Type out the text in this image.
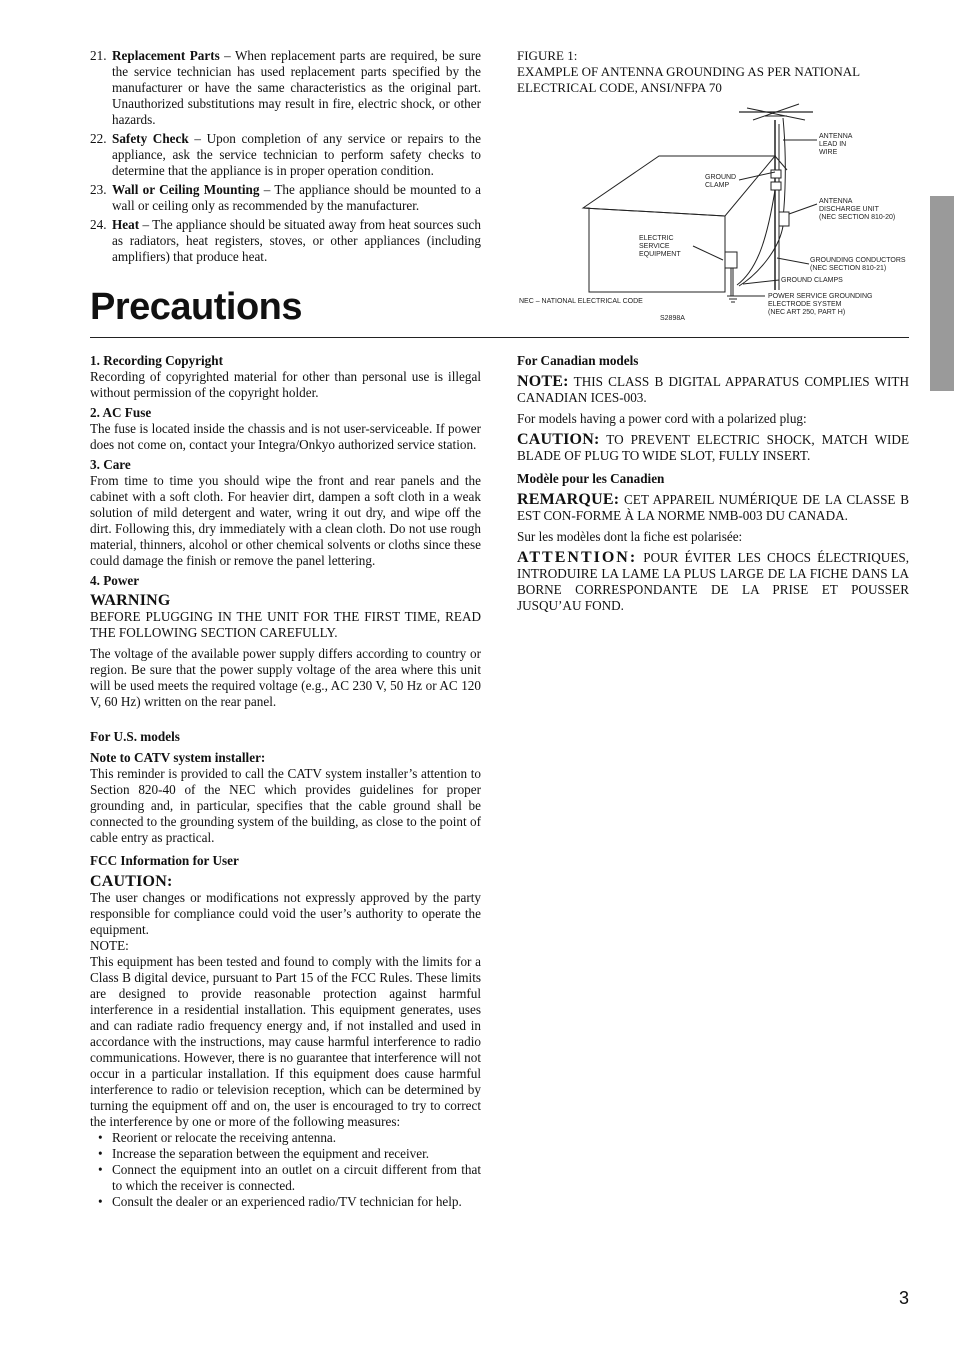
21. Replacement Parts – When replacement parts are required, be sure the service technician has used replacement parts specified by the manufacturer or have the same characteristics as the original part. Unauthorized substitutions may result in fire, electric shock, or other hazards.
22. Safety Check – Upon completion of any service or repairs to the appliance, ask the service technician to perform safety checks to determine that the appliance is in proper operation condition.
23. Wall or Ceiling Mounting – The appliance should be mounted to a wall or ceiling only as recommended by the manufacturer.
24. Heat – The appliance should be situated away from heat sources such as radiators, heat registers, stoves, or other appliances (including amplifiers) that produce heat.
FIGURE 1:
EXAMPLE OF ANTENNA GROUNDING AS PER NATIONAL ELECTRICAL CODE, ANSI/NFPA 70
ANTENNA
LEAD IN
WIRE
GROUND
CLAMP
ANTENNA
DISCHARGE UNIT
(NEC SECTION 810-20)
ELECTRIC
SERVICE
EQUIPMENT
GROUNDING CONDUCTORS
(NEC SECTION 810-21)
GROUND CLAMPS
NEC – NATIONAL ELECTRICAL CODE
POWER SERVICE GROUNDING
ELECTRODE SYSTEM
(NEC ART 250, PART H)
S2898A
Precautions

1. Recording Copyright

Recording of copyrighted material for other than personal use is illegal without permission of the copyright holder.

2. AC Fuse

The fuse is located inside the chassis and is not user-serviceable. If power does not come on, contact your Integra/Onkyo authorized service station.

3. Care

From time to time you should wipe the front and rear panels and the cabinet with a soft cloth. For heavier dirt, dampen a soft cloth in a weak solution of mild detergent and water, wring it out dry, and wipe off the dirt. Following this, dry immediately with a clean cloth. Do not use rough material, thinners, alcohol or other chemical solvents or cloths since these could damage the finish or remove the panel lettering.

4. Power

WARNING

BEFORE PLUGGING IN THE UNIT FOR THE FIRST TIME, READ THE FOLLOWING SECTION CAREFULLY.

The voltage of the available power supply differs according to country or region. Be sure that the power supply voltage of the area where this unit will be used meets the required voltage (e.g., AC 230 V, 50 Hz or AC 120 V, 60 Hz) written on the rear panel.

For U.S. models

Note to CATV system installer:

This reminder is provided to call the CATV system installer’s attention to Section 820-40 of the NEC which provides guidelines for proper grounding and, in particular, specifies that the cable ground shall be connected to the grounding system of the building, as close to the point of cable entry as practical.

FCC Information for User

CAUTION:

The user changes or modifications not expressly approved by the party responsible for compliance could void the user’s authority to operate the equipment.

NOTE:

This equipment has been tested and found to comply with the limits for a Class B digital device, pursuant to Part 15 of the FCC Rules. These limits are designed to provide reasonable protection against harmful interference in a residential installation. This equipment generates, uses and can radiate radio frequency energy and, if not installed and used in accordance with the instructions, may cause harmful interference to radio communications. However, there is no guarantee that interference will not occur in a particular installation. If this equipment does cause harmful interference to radio or television reception, which can be determined by turning the equipment off and on, the user is encouraged to try to correct the interference by one or more of the following measures:

• Reorient or relocate the receiving antenna.
• Increase the separation between the equipment and receiver.
• Connect the equipment into an outlet on a circuit different from that to which the receiver is connected.
• Consult the dealer or an experienced radio/TV technician for help.

For Canadian models

NOTE: THIS CLASS B DIGITAL APPARATUS COMPLIES WITH CANADIAN ICES-003.

For models having a power cord with a polarized plug:

CAUTION: TO PREVENT ELECTRIC SHOCK, MATCH WIDE BLADE OF PLUG TO WIDE SLOT, FULLY INSERT.

Modèle pour les Canadien

REMARQUE: CET APPAREIL NUMÉRIQUE DE LA CLASSE B EST CON-FORME À LA NORME NMB-003 DU CANADA.

Sur les modèles dont la fiche est polarisée:

ATTENTION: POUR ÉVITER LES CHOCS ÉLECTRIQUES, INTRODUIRE LA LAME LA PLUS LARGE DE LA FICHE DANS LA BORNE CORRESPONDANTE DE LA PRISE ET POUSSER JUSQU’AU FOND.

3
